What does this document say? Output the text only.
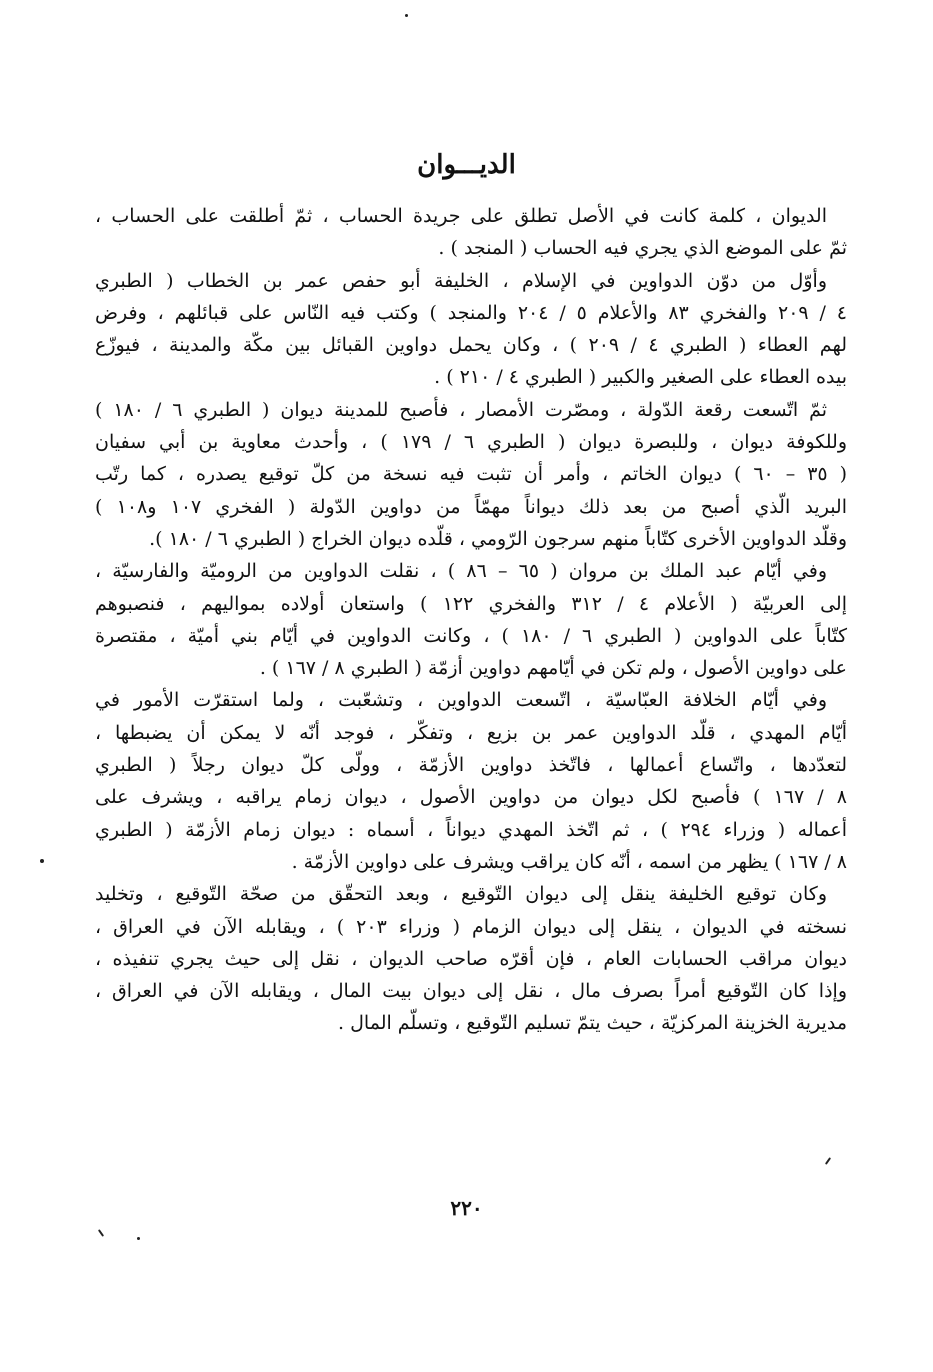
الديـــوان
الديوان ، كلمة كانت في الأصل تطلق على جريدة الحساب ، ثمّ أطلقت على الحساب ،
ثمّ على الموضع الذي يجري فيه الحساب ( المنجد ) .
وأوّل من دوّن الدواوين في الإسلام ، الخليفة أبو حفص عمر بن الخطاب ( الطبري
٤ / ٢٠٩ والفخري ٨٣ والأعلام ٥ / ٢٠٤ والمنجد ) وكتب فيه النّاس على قبائلهم ، وفرض
لهم العطاء ( الطبري ٤ / ٢٠٩ ) ، وكان يحمل دواوين القبائل بين مكّة والمدينة ، فيوزّع
بيده العطاء على الصغير والكبير ( الطبري ٤ / ٢١٠ ) .
ثمّ اتّسعت رقعة الدّولة ، ومصّرت الأمصار ، فأصبح للمدينة ديوان ( الطبري ٦ / ١٨٠ )
وللكوفة ديوان ، وللبصرة ديوان ( الطبري ٦ / ١٧٩ ) ، وأحدث معاوية بن أبي سفيان
( ٣٥ – ٦٠ ) ديوان الخاتم ، وأمر أن تثبت فيه نسخة من كلّ توقيع يصدره ، كما رتّب
البريد الّذي أصبح من بعد ذلك ديواناً مهمّاً من دواوين الدّولة ( الفخري ١٠٧ و١٠٨ )
وقلّد الدواوين الأخرى كتّاباً منهم سرجون الرّومي ، قلّده ديوان الخراج ( الطبري ٦ / ١٨٠ ).
وفي أيّام عبد الملك بن مروان ( ٦٥ – ٨٦ ) ، نقلت الدواوين من الروميّة والفارسيّة ،
إلى العربيّة ( الأعلام ٤ / ٣١٢ والفخري ١٢٢ ) واستعان أولاده بمواليهم ، فنصبوهم
كتّاباً على الدواوين ( الطبري ٦ / ١٨٠ ) ، وكانت الدواوين في أيّام بني أميّة ، مقتصرة
على دواوين الأصول ، ولم تكن في أيّامهم دواوين أزمّة ( الطبري ٨ / ١٦٧ ) .
وفي أيّام الخلافة العبّاسيّة ، اتّسعت الدواوين ، وتشعّبت ، ولما استقرّت الأمور في
أيّام المهدي ، قلّد الدواوين عمر بن بزيع ، وتفكّر ، فوجد أنّه لا يمكن أن يضبطها ،
لتعدّدها ، واتّساع أعمالها ، فاتّخذ دواوين الأزمّة ، وولّى كلّ ديوان رجلاً ( الطبري
٨ / ١٦٧ ) فأصبح لكل ديوان من دواوين الأصول ، ديوان زمام يراقبه ، ويشرف على
أعماله ( وزراء ٢٩٤ ) ، ثم اتّخذ المهدي ديواناً ، أسماه : ديوان زمام الأزمّة ( الطبري
٨ / ١٦٧ ) يظهر من اسمه ، أنّه كان يراقب ويشرف على دواوين الأزمّة .
وكان توقيع الخليفة ينقل إلى ديوان التّوقيع ، وبعد التحقّق من صحّة التّوقيع ، وتخليد
نسخته في الديوان ، ينقل إلى ديوان الزمام ( وزراء ٢٠٣ ) ، ويقابله الآن في العراق ،
ديوان مراقب الحسابات العام ، فإن أقرّه صاحب الديوان ، نقل إلى حيث يجري تنفيذه ،
وإذا كان التّوقيع أمراً بصرف مال ، نقل إلى ديوان بيت المال ، ويقابله الآن في العراق ،
مديرية الخزينة المركزيّة ، حيث يتمّ تسليم التّوقيع ، وتسلّم المال .
٢٢٠
